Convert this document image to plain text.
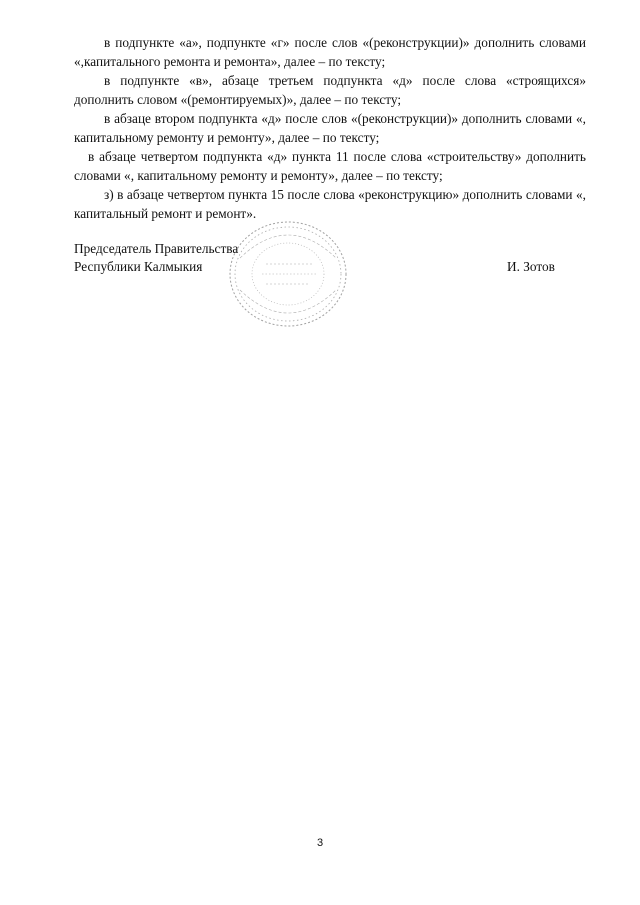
в подпункте «а», подпункте «г» после слов «(реконструкции)» дополнить словами «,капитального ремонта и ремонта», далее – по тексту;

в подпункте «в», абзаце третьем подпункта «д» после слова «строящихся» дополнить словом «(ремонтируемых)», далее – по тексту;

в абзаце втором подпункта «д» после слов «(реконструкции)» дополнить словами «, капитальному ремонту и ремонту», далее – по тексту;

в абзаце четвертом подпункта «д» пункта 11 после слова «строительству» дополнить словами «, капитальному ремонту и ремонту», далее – по тексту;

з) в абзаце четвертом пункта 15 после слова «реконструкцию» дополнить словами «, капитальный ремонт и ремонт».

Председатель Правительства
Республики Калмыкия	И. Зотов
3
